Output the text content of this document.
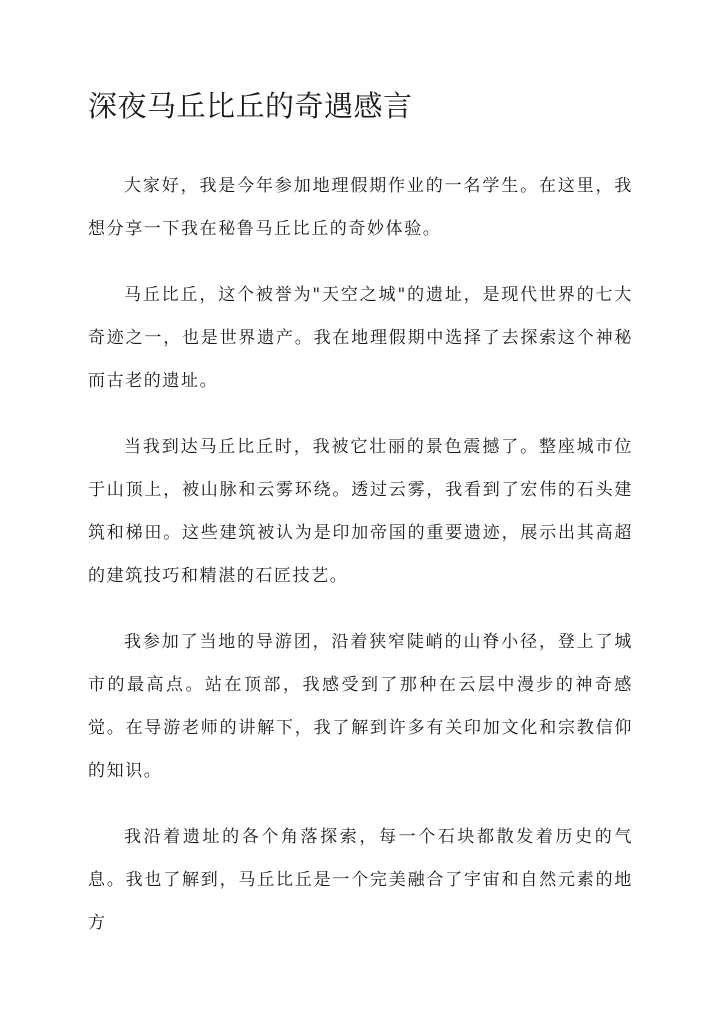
深夜马丘比丘的奇遇感言

大家好，我是今年参加地理假期作业的一名学生。在这里，我想分享一下我在秘鲁马丘比丘的奇妙体验。

马丘比丘，这个被誉为"天空之城"的遗址，是现代世界的七大奇迹之一，也是世界遗产。我在地理假期中选择了去探索这个神秘而古老的遗址。

当我到达马丘比丘时，我被它壮丽的景色震撼了。整座城市位于山顶上，被山脉和云雾环绕。透过云雾，我看到了宏伟的石头建筑和梯田。这些建筑被认为是印加帝国的重要遗迹，展示出其高超的建筑技巧和精湛的石匠技艺。

我参加了当地的导游团，沿着狭窄陡峭的山脊小径，登上了城市的最高点。站在顶部，我感受到了那种在云层中漫步的神奇感觉。在导游老师的讲解下，我了解到许多有关印加文化和宗教信仰的知识。

我沿着遗址的各个角落探索，每一个石块都散发着历史的气息。我也了解到，马丘比丘是一个完美融合了宇宙和自然元素的地方
